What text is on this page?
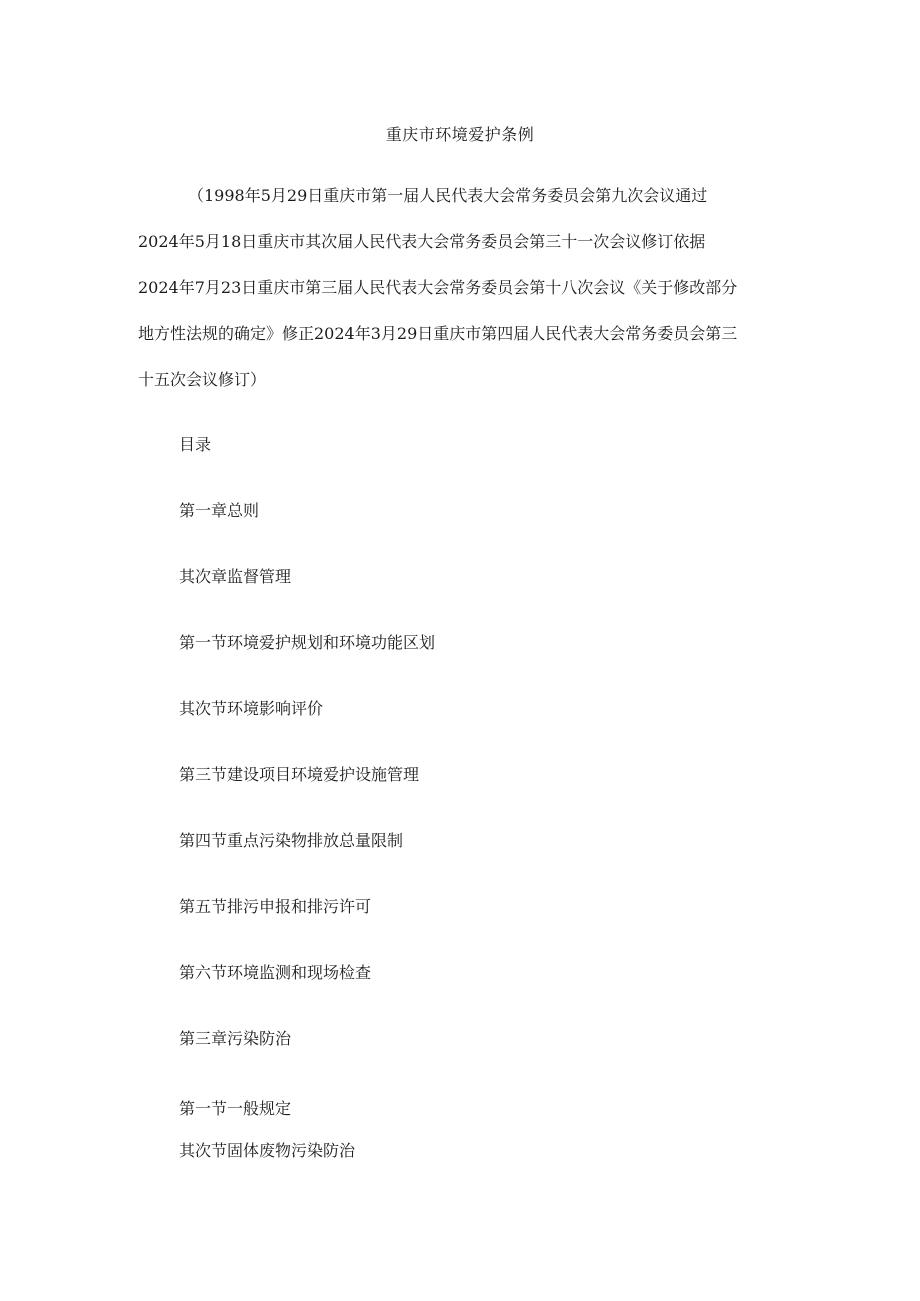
重庆市环境爱护条例
（1998年5月29日重庆市第一届人民代表大会常务委员会第九次会议通过
2024年5月18日重庆市其次届人民代表大会常务委员会第三十一次会议修订依据
2024年7月23日重庆市第三届人民代表大会常务委员会第十八次会议《关于修改部分
地方性法规的确定》修正2024年3月29日重庆市第四届人民代表大会常务委员会第三
十五次会议修订）
目录
第一章总则
其次章监督管理
第一节环境爱护规划和环境功能区划
其次节环境影响评价
第三节建设项目环境爱护设施管理
第四节重点污染物排放总量限制
第五节排污申报和排污许可
第六节环境监测和现场检查
第三章污染防治
第一节一般规定
其次节固体废物污染防治
